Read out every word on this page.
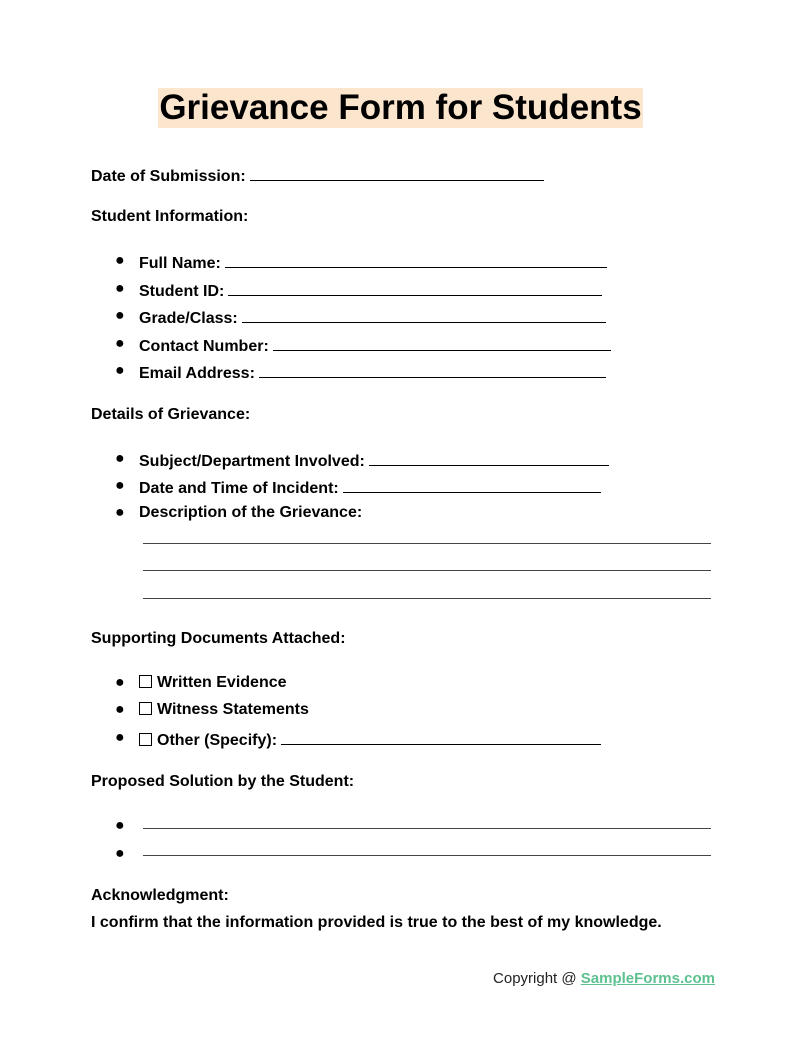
Grievance Form for Students
Date of Submission:
Student Information:
● Full Name:
● Student ID:
● Grade/Class:
● Contact Number:
● Email Address:
Details of Grievance:
● Subject/Department Involved:
● Date and Time of Incident:
● Description of the Grievance:
Supporting Documents Attached:
●	Written Evidence
●	Witness Statements
●	Other (Specify):
Proposed Solution by the Student:
●
●
Acknowledgment:
I confirm that the information provided is true to the best of my knowledge.
Copyright @ SampleForms.com
